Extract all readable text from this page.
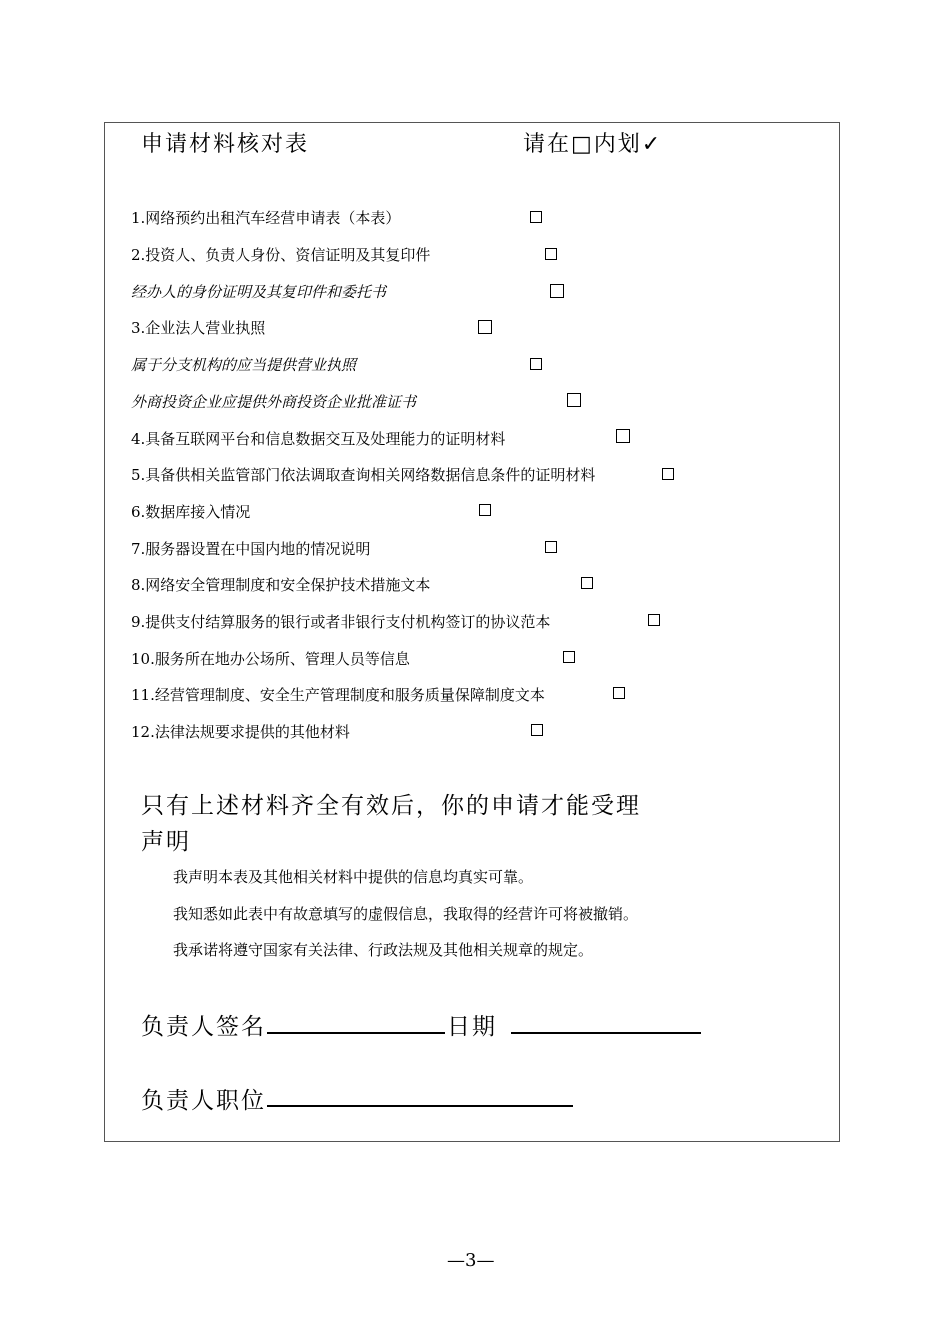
申请材料核对表	请在□内划✓
1.网络预约出租汽车经营申请表（本表）
2.投资人、负责人身份、资信证明及其复印件
经办人的身份证明及其复印件和委托书
3.企业法人营业执照
属于分支机构的应当提供营业执照
外商投资企业应提供外商投资企业批准证书
4.具备互联网平台和信息数据交互及处理能力的证明材料
5.具备供相关监管部门依法调取查询相关网络数据信息条件的证明材料
6.数据库接入情况
7.服务器设置在中国内地的情况说明
8.网络安全管理制度和安全保护技术措施文本
9.提供支付结算服务的银行或者非银行支付机构签订的协议范本
10.服务所在地办公场所、管理人员等信息
11.经营管理制度、安全生产管理制度和服务质量保障制度文本
12.法律法规要求提供的其他材料
只有上述材料齐全有效后，你的申请才能受理
声明
我声明本表及其他相关材料中提供的信息均真实可靠。
我知悉如此表中有故意填写的虚假信息，我取得的经营许可将被撤销。
我承诺将遵守国家有关法律、行政法规及其他相关规章的规定。
负责人签名	日期
负责人职位
—3—
